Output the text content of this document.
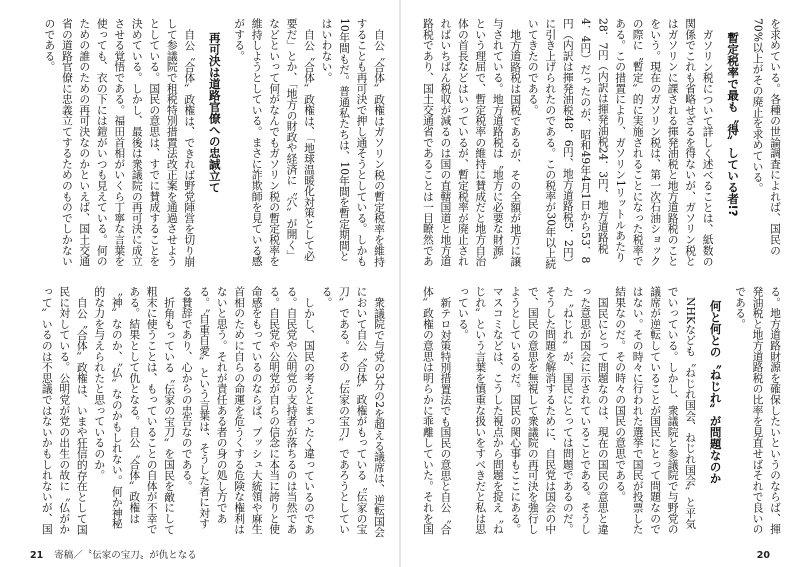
自公〝合体〟政権はガソリン税の暫定税率を維持することも再可決で押し通そうとしている。しかも10年間もだ。普通私たちは、10年間を暫定期間とはいわない。

自公〝合体〟政権は、「地球温暖化対策として必要だ」とか、「地方の財政や経済に〝穴〟が開く」などといって何がなんでもガソリン税の暫定税率を維持しようとしている。まさに詐欺師を見ている感がする。

再可決は道路官僚への忠誠立て

自公〝合体〟政権は、できれば野党陣営を切り崩して参議院で租税特別措置法改正案を通過させようとしている。国民の意思は、すでに賛成することを決めている。しかし、最後は衆議院の再可決に成立させる覚悟である。福田首相がいくら丁寧な言葉を使っても、衣の下には鎧がいつも見えている。何のための誰のための再可決なのかといえば、国土交通省の道路官僚に忠義立てするためのものでしかないのである。

衆議院で与党の3分の2を超える議席は、逆転国会において自公〝合体〟政権がもっている〝伝家の宝刀〟である。その〝伝家の宝刀〟であろうとしている。

しかし、国民の考えとまったく違っているのである。自民党や公明党の支持者が落ちるのは当然である。自民党や公明党が自らの信念に本当に誇りと使命感をもっているのならば、ブッシュ大統領や麻生首相のために自らの命運を危うくする危険な権利はないと思う。それが責任ある者の身の処し方である。〝自重自愛〟という言葉は、そうした者に対する賛辞であり、心からの忠告なのである。

折角もっている〝伝家の宝刀〟を国民を敵にして粗末に使うことは、もっていることの自体が不幸である。結果として仇となる。自公〝合体〟政権は〝神〟なのか、〝仏〟なのかもしれない。何か神秘的な力を与えられたと思っているのか。

自公〝合体〟政権は、いまや狂信的存在として国民に対している。公明党が党の出生の故に〝仏がかって〟いるのは不思議ではないかもしれないが、国

21 寄稿／〝伝家の宝刀〟が仇となる

を求めている。各種の世論調査によれば、国民の70%以上がその廃止を求めている。

暫定税率で最も〝得〟している者!?

ガソリン税について詳しく述べることは、紙数の関係でこれも省略せざるを得ないが、ガソリン税とはガソリンに課される揮発油税と地方道路税のことをいう。現在のガソリン税は、第一次石油ショックの際に〝暫定〟的に実施されることになった税率である。この措置により、ガソリン1リットルあたり28．7円（内訳は揮発油税24．3円、地方道路税4．4円）だったのが、昭和49年4月1日から53．8円（内訳は揮発油税48．6円、地方道路税5．2円）に引き上げられたのである。この税率が30年以上続いてきたのである。

地方道路税は国税であるが、その全額が地方に譲与されている。地方道路税は〝地方に必要な財源〟という理屈で、暫定税率の維持に賛成だと地方自治体の首長などはいっているが、暫定税率が廃止されればいちばん税収が減るのは国の直轄国道と地方道路税であり、国土交通省であることは一目瞭然である。地方道路財源を確保したいというのならば、揮発油税と地方道路税の比率を見直せばそれで良いのである。

何と何との〝ねじれ〟が問題なのか

NHKなども〝ねじれ国会、ねじれ国会〟と平気でいっている。しかし、衆議院と参議院で与野党の議席が逆転していることが国民にとって問題なのではない。その時々に行われた選挙で国民が投票した結果なのだ。その時々の国民の意思である。

国民にとって問題なのは、現在の国民の意思と違った意思が国会に示されていることである。そうした〝ねじれ〟が、国民にとっては問題であるのだ。そうした問題を解消するために、自民党は国会の中で、国民の意思を無視して衆議院の再可決を強行しようとしているのだ。国民の関心事もここにある。マスコミなどは、こうした視点から問題を捉え〝ねじれ〟という言葉を慎重な扱いをすべきだと私は思っている。

新テロ対策特別措置法でも国民の意思と自公〝合体〟政権の意思は明らかに乖離していた。それを国

20
